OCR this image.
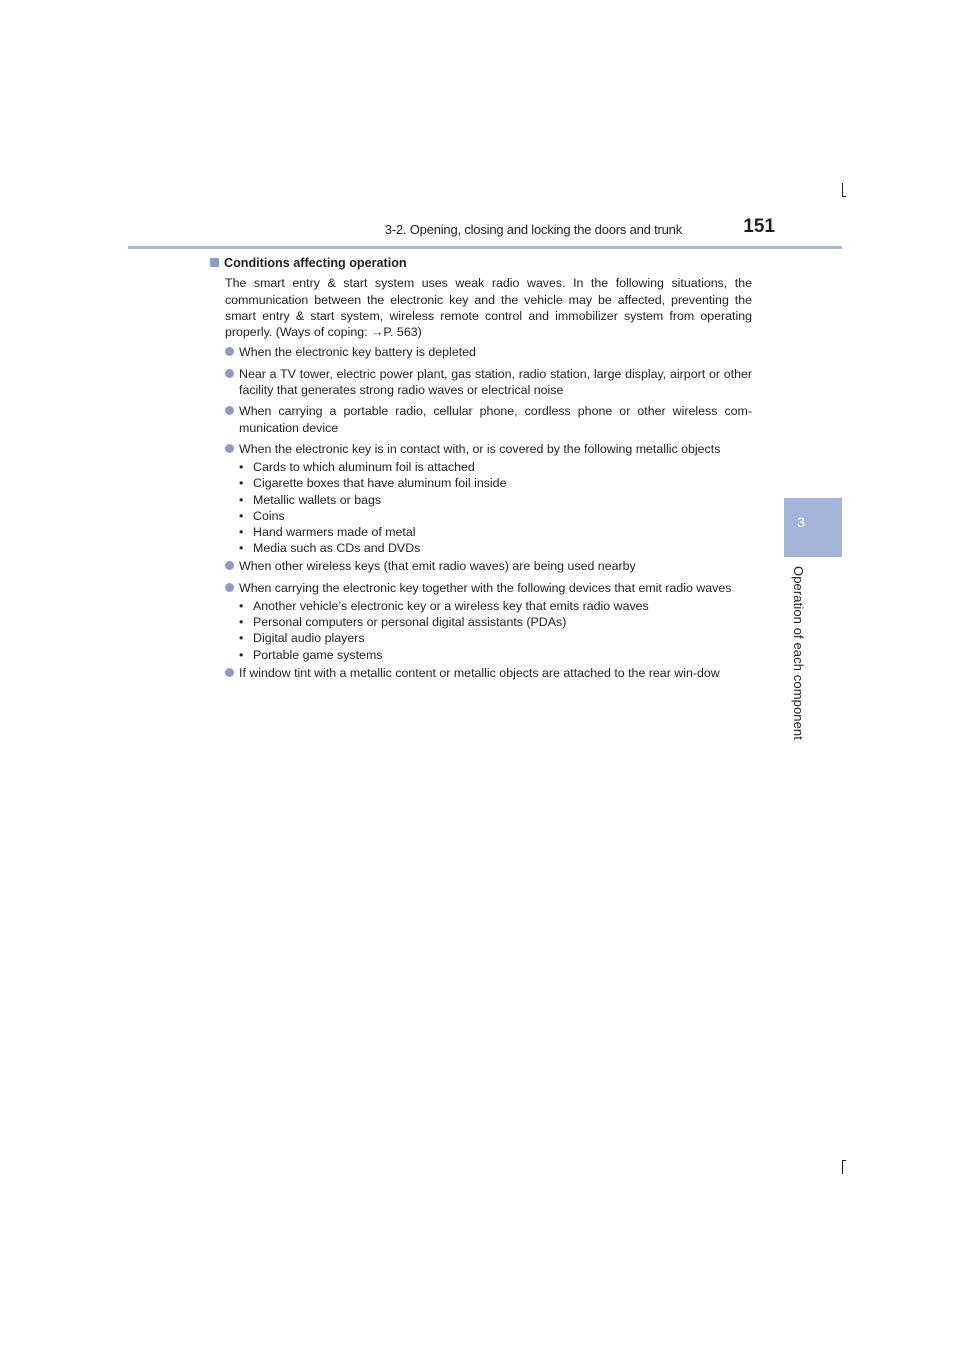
3-2. Opening, closing and locking the doors and trunk	151
3
Operation of each component
Conditions affecting operation

The smart entry & start system uses weak radio waves. In the following situations, the communication between the electronic key and the vehicle may be affected, preventing the smart entry & start system, wireless remote control and immobilizer system from operating properly. (Ways of coping: →P. 563)

When the electronic key battery is depleted
Near a TV tower, electric power plant, gas station, radio station, large display, airport or other facility that generates strong radio waves or electrical noise
When carrying a portable radio, cellular phone, cordless phone or other wireless com-munication device
When the electronic key is in contact with, or is covered by the following metallic objects
• Cards to which aluminum foil is attached
• Cigarette boxes that have aluminum foil inside
• Metallic wallets or bags
• Coins
• Hand warmers made of metal
• Media such as CDs and DVDs
When other wireless keys (that emit radio waves) are being used nearby
When carrying the electronic key together with the following devices that emit radio waves
• Another vehicle’s electronic key or a wireless key that emits radio waves
• Personal computers or personal digital assistants (PDAs)
• Digital audio players
• Portable game systems
If window tint with a metallic content or metallic objects are attached to the rear win-dow
